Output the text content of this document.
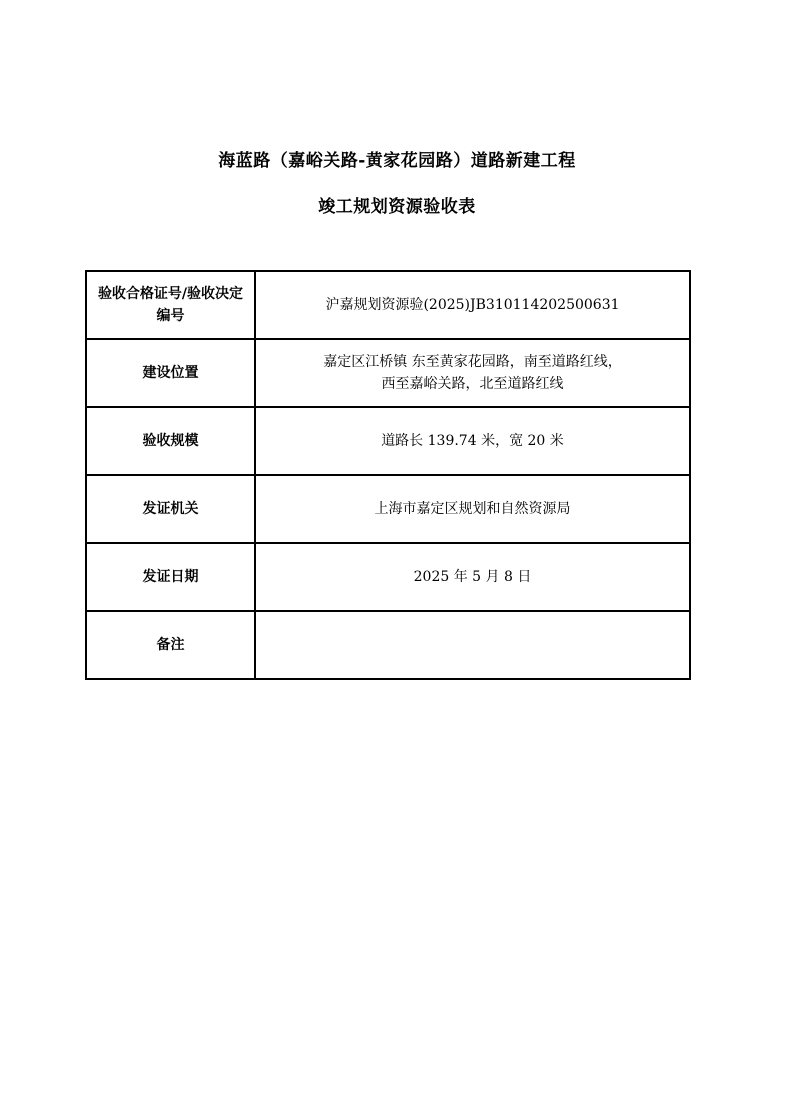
海蓝路（嘉峪关路-黄家花园路）道路新建工程
竣工规划资源验收表
验收合格证号/验收决定编号	沪嘉规划资源验(2025)JB310114202500631
建设位置	嘉定区江桥镇 东至黄家花园路，南至道路红线，
西至嘉峪关路，北至道路红线
验收规模	道路长 139.74 米，宽 20 米
发证机关	上海市嘉定区规划和自然资源局
发证日期	2025 年 5 月 8 日
备注	
